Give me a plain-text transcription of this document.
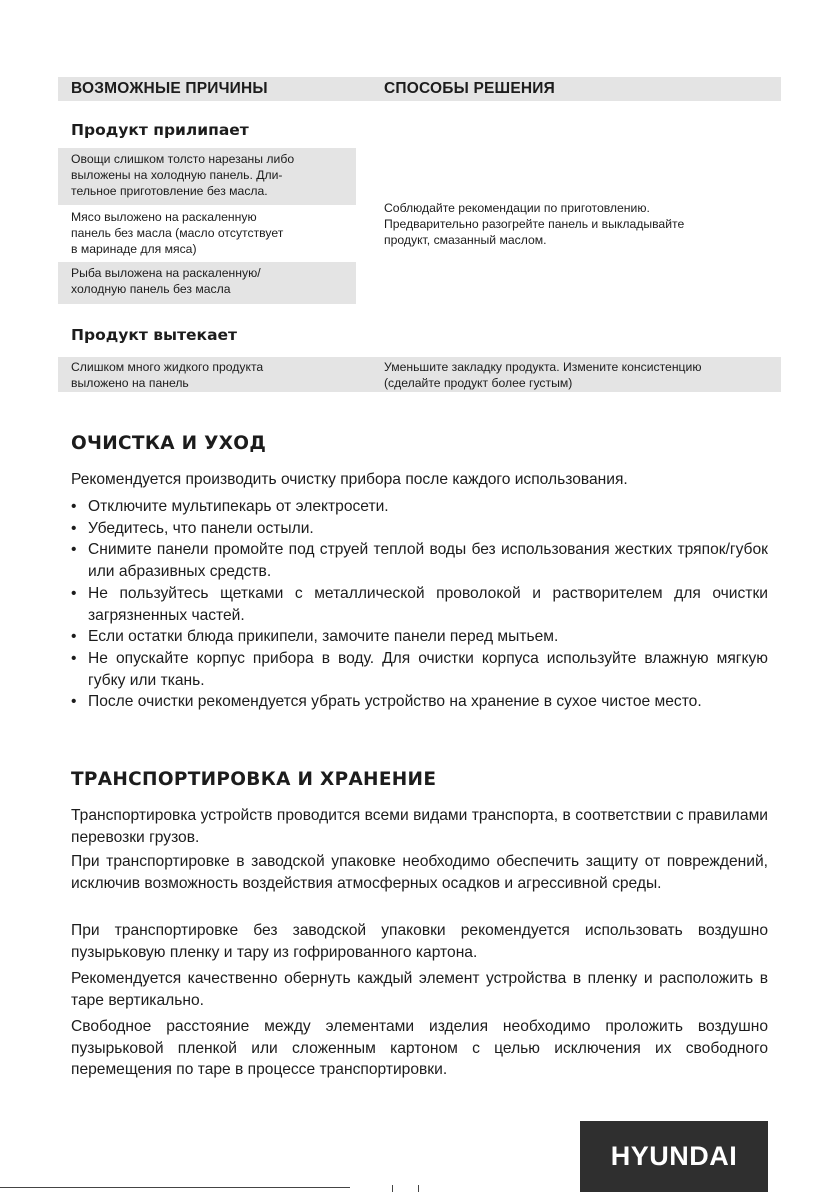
ВОЗМОЖНЫЕ ПРИЧИНЫ	СПОСОБЫ РЕШЕНИЯ
Продукт прилипает
Овощи слишком толсто нарезаны либо
выложены на холодную панель. Дли-
тельное приготовление без масла.
Мясо выложено на раскаленную
панель без масла (масло отсутствует
в маринаде для мяса)
Рыба выложена на раскаленную/
холодную панель без масла
Соблюдайте рекомендации по приготовлению.
Предварительно разогрейте панель и выкладывайте
продукт, смазанный маслом.
Продукт вытекает
Слишком много жидкого продукта
выложено на панель
Уменьшите закладку продукта. Измените консистенцию
(сделайте продукт более густым)
ОЧИСТКА И УХОД
Рекомендуется производить очистку прибора после каждого использования.
• Отключите мультипекарь от электросети.
• Убедитесь, что панели остыли.
• Снимите панели промойте под струей теплой воды без использования жестких тряпок/губок или абразивных средств.
• Не пользуйтесь щетками с металлической проволокой и растворителем для очистки загрязненных частей.
• Если остатки блюда прикипели, замочите панели перед мытьем.
• Не опускайте корпус прибора в воду. Для очистки корпуса используйте влажную мягкую губку или ткань.
• После очистки рекомендуется убрать устройство на хранение в сухое чистое место.
ТРАНСПОРТИРОВКА И ХРАНЕНИЕ
Транспортировка устройств проводится всеми видами транспорта, в соответствии с правилами перевозки грузов.
При транспортировке в заводской упаковке необходимо обеспечить защиту от повреждений, исключив возможность воздействия атмосферных осадков и агрессивной среды.
При транспортировке без заводской упаковки рекомендуется использовать воздушно пузырьковую пленку и тару из гофрированного картона.
Рекомендуется качественно обернуть каждый элемент устройства в пленку и расположить в таре вертикально.
Свободное расстояние между элементами изделия необходимо проложить воздушно пузырьковой пленкой или сложенным картоном с целью исключения их свободного перемещения по таре в процессе транспортировки.
HYUNDAI
